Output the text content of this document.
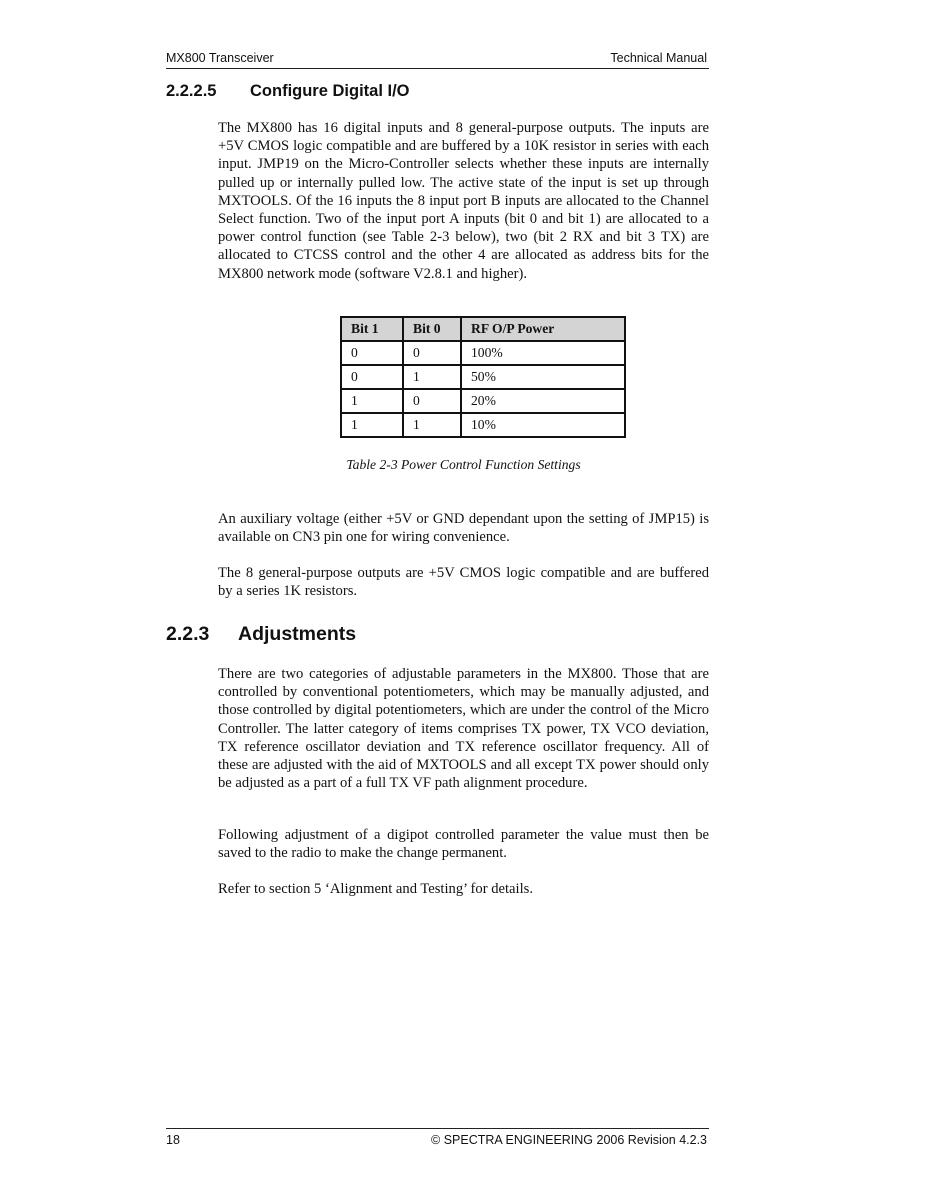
MX800 Transceiver	Technical Manual
2.2.2.5 Configure Digital I/O

The MX800 has 16 digital inputs and 8 general-purpose outputs. The inputs are +5V CMOS logic compatible and are buffered by a 10K resistor in series with each input. JMP19 on the Micro-Controller selects whether these inputs are internally pulled up or internally pulled low. The active state of the input is set up through MXTOOLS. Of the 16 inputs the 8 input port B inputs are allocated to the Channel Select function. Two of the input port A inputs (bit 0 and bit 1) are allocated to a power control function (see Table 2-3 below), two (bit 2 RX and bit 3 TX) are allocated to CTCSS control and the other 4 are allocated as address bits for the MX800 network mode (software V2.8.1 and higher).

Bit 1	Bit 0	RF O/P Power
0	0	100%
0	1	50%
1	0	20%
1	1	10%
Table 2-3 Power Control Function Settings

An auxiliary voltage (either +5V or GND dependant upon the setting of JMP15) is available on CN3 pin one for wiring convenience.

The 8 general-purpose outputs are +5V CMOS logic compatible and are buffered by a series 1K resistors.

2.2.3 Adjustments

There are two categories of adjustable parameters in the MX800. Those that are controlled by conventional potentiometers, which may be manually adjusted, and those controlled by digital potentiometers, which are under the control of the Micro Controller. The latter category of items comprises TX power, TX VCO deviation, TX reference oscillator deviation and TX reference oscillator frequency. All of these are adjusted with the aid of MXTOOLS and all except TX power should only be adjusted as a part of a full TX VF path alignment procedure.

Following adjustment of a digipot controlled parameter the value must then be saved to the radio to make the change permanent.

Refer to section 5 ‘Alignment and Testing’ for details.

18	© SPECTRA ENGINEERING 2006 Revision 4.2.3
